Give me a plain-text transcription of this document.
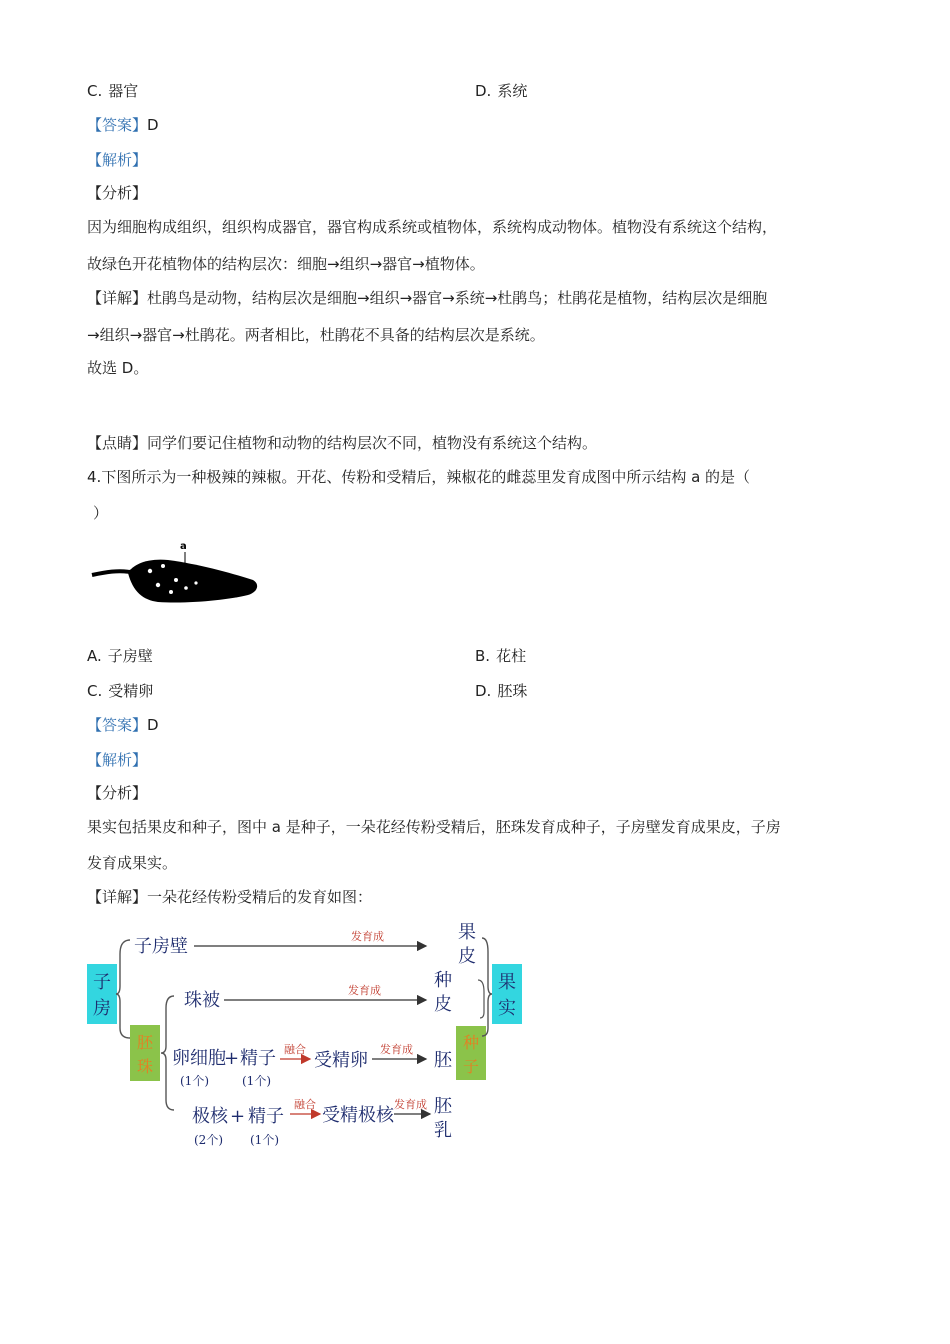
C. 器官	D. 系统
【答案】D
【解析】
【分析】
因为细胞构成组织，组织构成器官，器官构成系统或植物体，系统构成动物体。植物没有系统这个结构，
故绿色开花植物体的结构层次：细胞→组织→器官→植物体。
【详解】杜鹃鸟是动物，结构层次是细胞→组织→器官→系统→杜鹃鸟；杜鹃花是植物，结构层次是细胞
→组织→器官→杜鹃花。两者相比，杜鹃花不具备的结构层次是系统。
故选 D。
【点睛】同学们要记住植物和动物的结构层次不同，植物没有系统这个结构。
4.下图所示为一种极辣的辣椒。开花、传粉和受精后，辣椒花的雌蕊里发育成图中所示结构 a 的是（
）
a
A. 子房壁	B. 花柱
C. 受精卵	D. 胚珠
【答案】D
【解析】
【分析】
果实包括果皮和种子，图中 a 是种子，一朵花经传粉受精后，胚珠发育成种子，子房壁发育成果皮，子房
发育成果实。
【详解】一朵花经传粉受精后的发育如图：
子
房
胚
珠
种
子
果
实
子房壁	发育成	果
皮
珠被	发育成	种
皮
卵细胞
+ 精子
(1个)	(1个)
融合
受精卵
发育成
胚
极核 + 精子
(2个) (1个)
融合
受精极核
发育成 胚
乳
